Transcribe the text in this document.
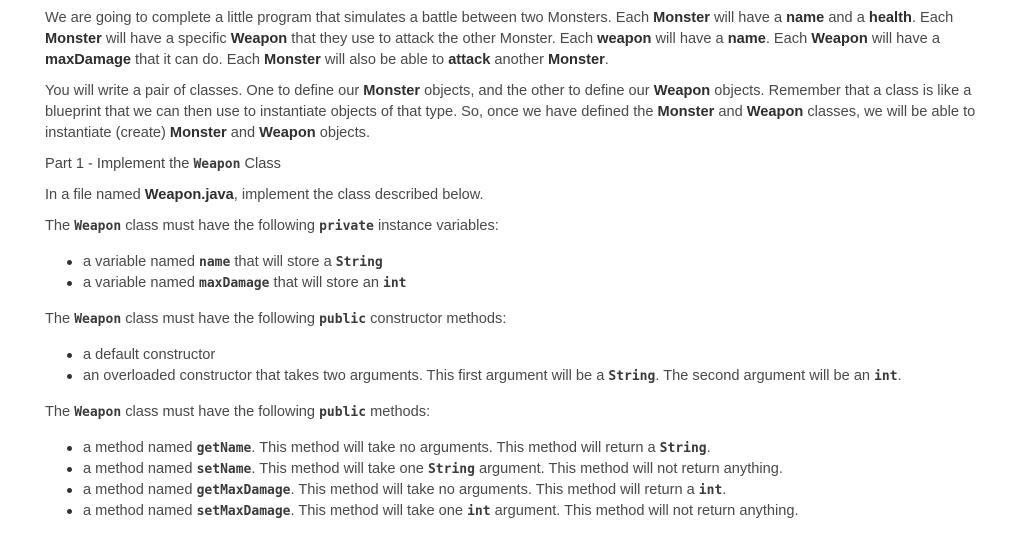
We are going to complete a little program that simulates a battle between two Monsters. Each Monster will have a name and a health. Each Monster will have a specific Weapon that they use to attack the other Monster. Each weapon will have a name. Each Weapon will have a maxDamage that it can do. Each Monster will also be able to attack another Monster.

You will write a pair of classes. One to define our Monster objects, and the other to define our Weapon objects. Remember that a class is like a blueprint that we can then use to instantiate objects of that type. So, once we have defined the Monster and Weapon classes, we will be able to instantiate (create) Monster and Weapon objects.

Part 1 - Implement the Weapon Class

In a file named Weapon.java, implement the class described below.

The Weapon class must have the following private instance variables:

a variable named name that will store a String
a variable named maxDamage that will store an int

The Weapon class must have the following public constructor methods:

a default constructor
an overloaded constructor that takes two arguments. This first argument will be a String. The second argument will be an int.

The Weapon class must have the following public methods:

a method named getName. This method will take no arguments. This method will return a String.
a method named setName. This method will take one String argument. This method will not return anything.
a method named getMaxDamage. This method will take no arguments. This method will return a int.
a method named setMaxDamage. This method will take one int argument. This method will not return anything.
